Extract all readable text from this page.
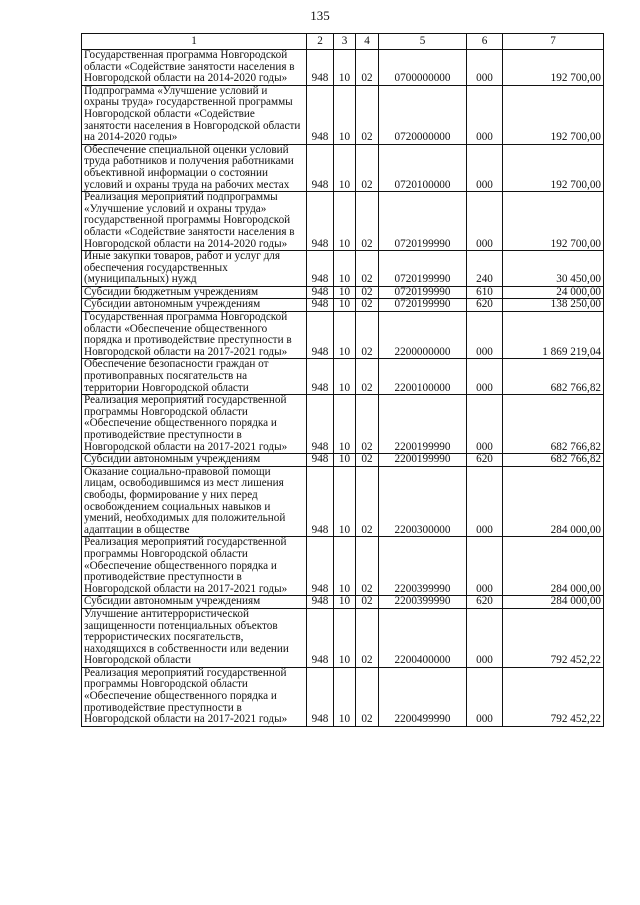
135
1	2	3	4	5	6	7
Государственная программа Новгородской области «Содействие занятости населения в Новгородской области на 2014-2020 годы»	948	10	02	0700000000	000	192 700,00
Подпрограмма «Улучшение условий и охраны труда» государственной программы Новгородской области «Содействие занятости населения в Новгородской области на 2014-2020 годы»	948	10	02	0720000000	000	192 700,00
Обеспечение специальной оценки условий труда работников и получения работниками объективной информации о состоянии условий и охраны труда на рабочих местах	948	10	02	0720100000	000	192 700,00
Реализация мероприятий подпрограммы «Улучшение условий и охраны труда» государственной программы Новгородской области «Содействие занятости населения в Новгородской области на 2014-2020 годы»	948	10	02	0720199990	000	192 700,00
Иные закупки товаров, работ и услуг для обеспечения государственных (муниципальных) нужд	948	10	02	0720199990	240	30 450,00
Субсидии бюджетным учреждениям	948	10	02	0720199990	610	24 000,00
Субсидии автономным учреждениям	948	10	02	0720199990	620	138 250,00
Государственная программа Новгородской области «Обеспечение общественного порядка и противодействие преступности в Новгородской области на 2017-2021 годы»	948	10	02	2200000000	000	1 869 219,04
Обеспечение безопасности граждан от противоправных посягательств на территории Новгородской области	948	10	02	2200100000	000	682 766,82
Реализация мероприятий государственной программы Новгородской области «Обеспечение общественного порядка и противодействие преступности в Новгородской области на 2017-2021 годы»	948	10	02	2200199990	000	682 766,82
Субсидии автономным учреждениям	948	10	02	2200199990	620	682 766,82
Оказание социально-правовой помощи лицам, освободившимся из мест лишения свободы, формирование у них перед освобождением социальных навыков и умений, необходимых для положительной адаптации в обществе	948	10	02	2200300000	000	284 000,00
Реализация мероприятий государственной программы Новгородской области «Обеспечение общественного порядка и противодействие преступности в Новгородской области на 2017-2021 годы»	948	10	02	2200399990	000	284 000,00
Субсидии автономным учреждениям	948	10	02	2200399990	620	284 000,00
Улучшение антитеррористической защищенности потенциальных объектов террористических посягательств, находящихся в собственности или ведении Новгородской области	948	10	02	2200400000	000	792 452,22
Реализация мероприятий государственной программы Новгородской области «Обеспечение общественного порядка и противодействие преступности в Новгородской области на 2017-2021 годы»	948	10	02	2200499990	000	792 452,22
